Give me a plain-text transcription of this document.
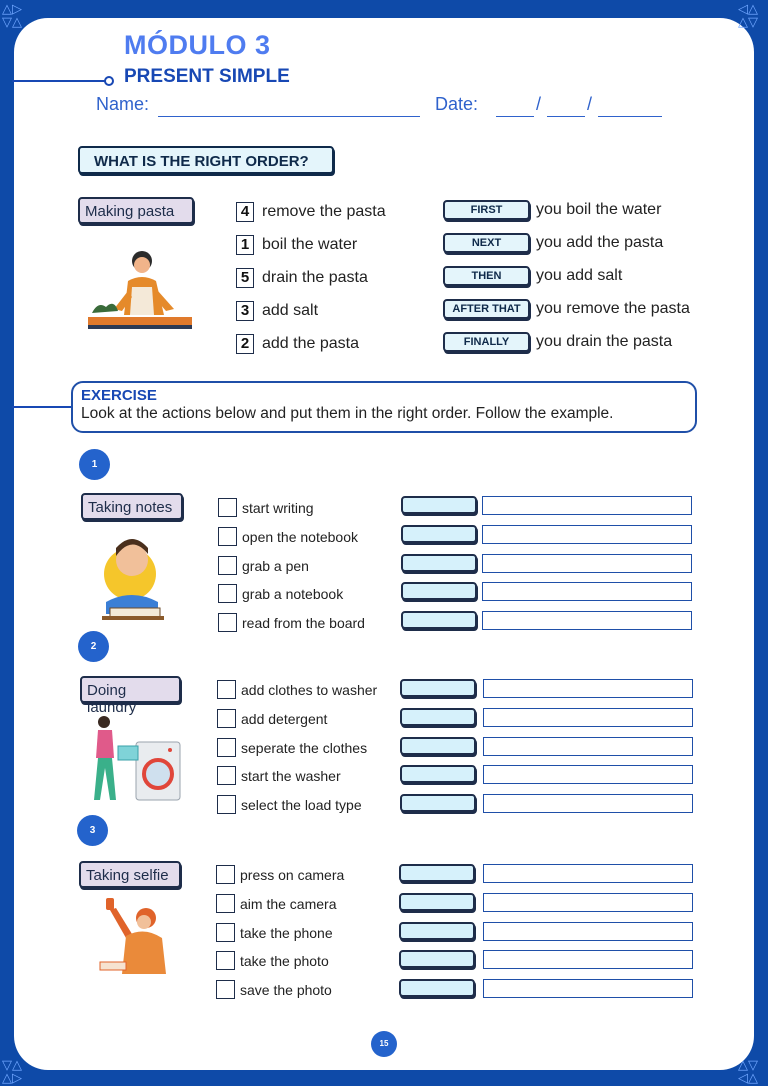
△▷
▽△
◁△
△▽
▽△
△▷
△▽
◁△
MÓDULO 3
PRESENT SIMPLE
Name:	Date:	/	/
WHAT IS THE RIGHT ORDER?
Making pasta	4 remove the pasta
1 boil the water
5 drain the pasta
3 add salt
2 add the pasta
FIRST	you boil the water
NEXT	you add the pasta
THEN	you add salt
AFTER THAT you remove the pasta
FINALLY	you drain the pasta
EXERCISE
Look at the actions below and put them in the right order. Follow the example.
1
Taking notes	start writing
open the notebook
grab a pen
grab a notebook
read from the board
2
Doing laundry
add clothes to washer
add detergent
seperate the clothes
start the washer
select the load type
3
Taking selfie	press on camera
aim the camera
take the phone
take the photo
save the photo
15
